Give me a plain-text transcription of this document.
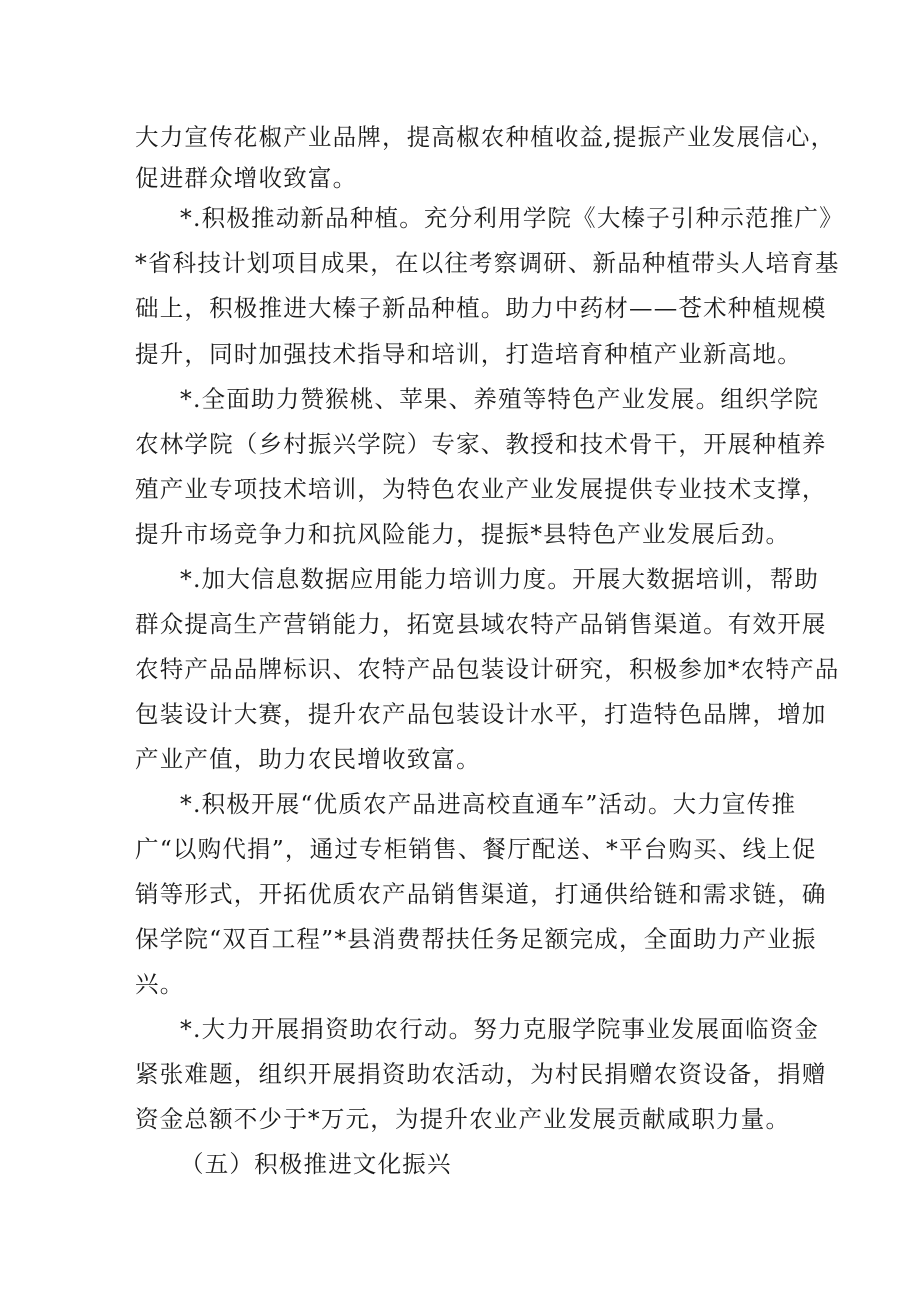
大力宣传花椒产业品牌，提高椒农种植收益,提振产业发展信心，
促进群众增收致富。
*.积极推动新品种植。充分利用学院《大榛子引种示范推广》
*省科技计划项目成果，在以往考察调研、新品种植带头人培育基
础上，积极推进大榛子新品种植。助力中药材——苍术种植规模
提升，同时加强技术指导和培训，打造培育种植产业新高地。
*.全面助力赞猴桃、苹果、养殖等特色产业发展。组织学院
农林学院（乡村振兴学院）专家、教授和技术骨干，开展种植养
殖产业专项技术培训，为特色农业产业发展提供专业技术支撑，
提升市场竞争力和抗风险能力，提振*县特色产业发展后劲。
*.加大信息数据应用能力培训力度。开展大数据培训，帮助
群众提高生产营销能力，拓宽县域农特产品销售渠道。有效开展
农特产品品牌标识、农特产品包装设计研究，积极参加*农特产品
包装设计大赛，提升农产品包装设计水平，打造特色品牌，增加
产业产值，助力农民增收致富。
*.积极开展“优质农产品进高校直通车”活动。大力宣传推
广“以购代捐”，通过专柜销售、餐厅配送、*平台购买、线上促
销等形式，开拓优质农产品销售渠道，打通供给链和需求链，确
保学院“双百工程”*县消费帮扶任务足额完成，全面助力产业振
兴。
*.大力开展捐资助农行动。努力克服学院事业发展面临资金
紧张难题，组织开展捐资助农活动，为村民捐赠农资设备，捐赠
资金总额不少于*万元，为提升农业产业发展贡献咸职力量。
（五）积极推进文化振兴
